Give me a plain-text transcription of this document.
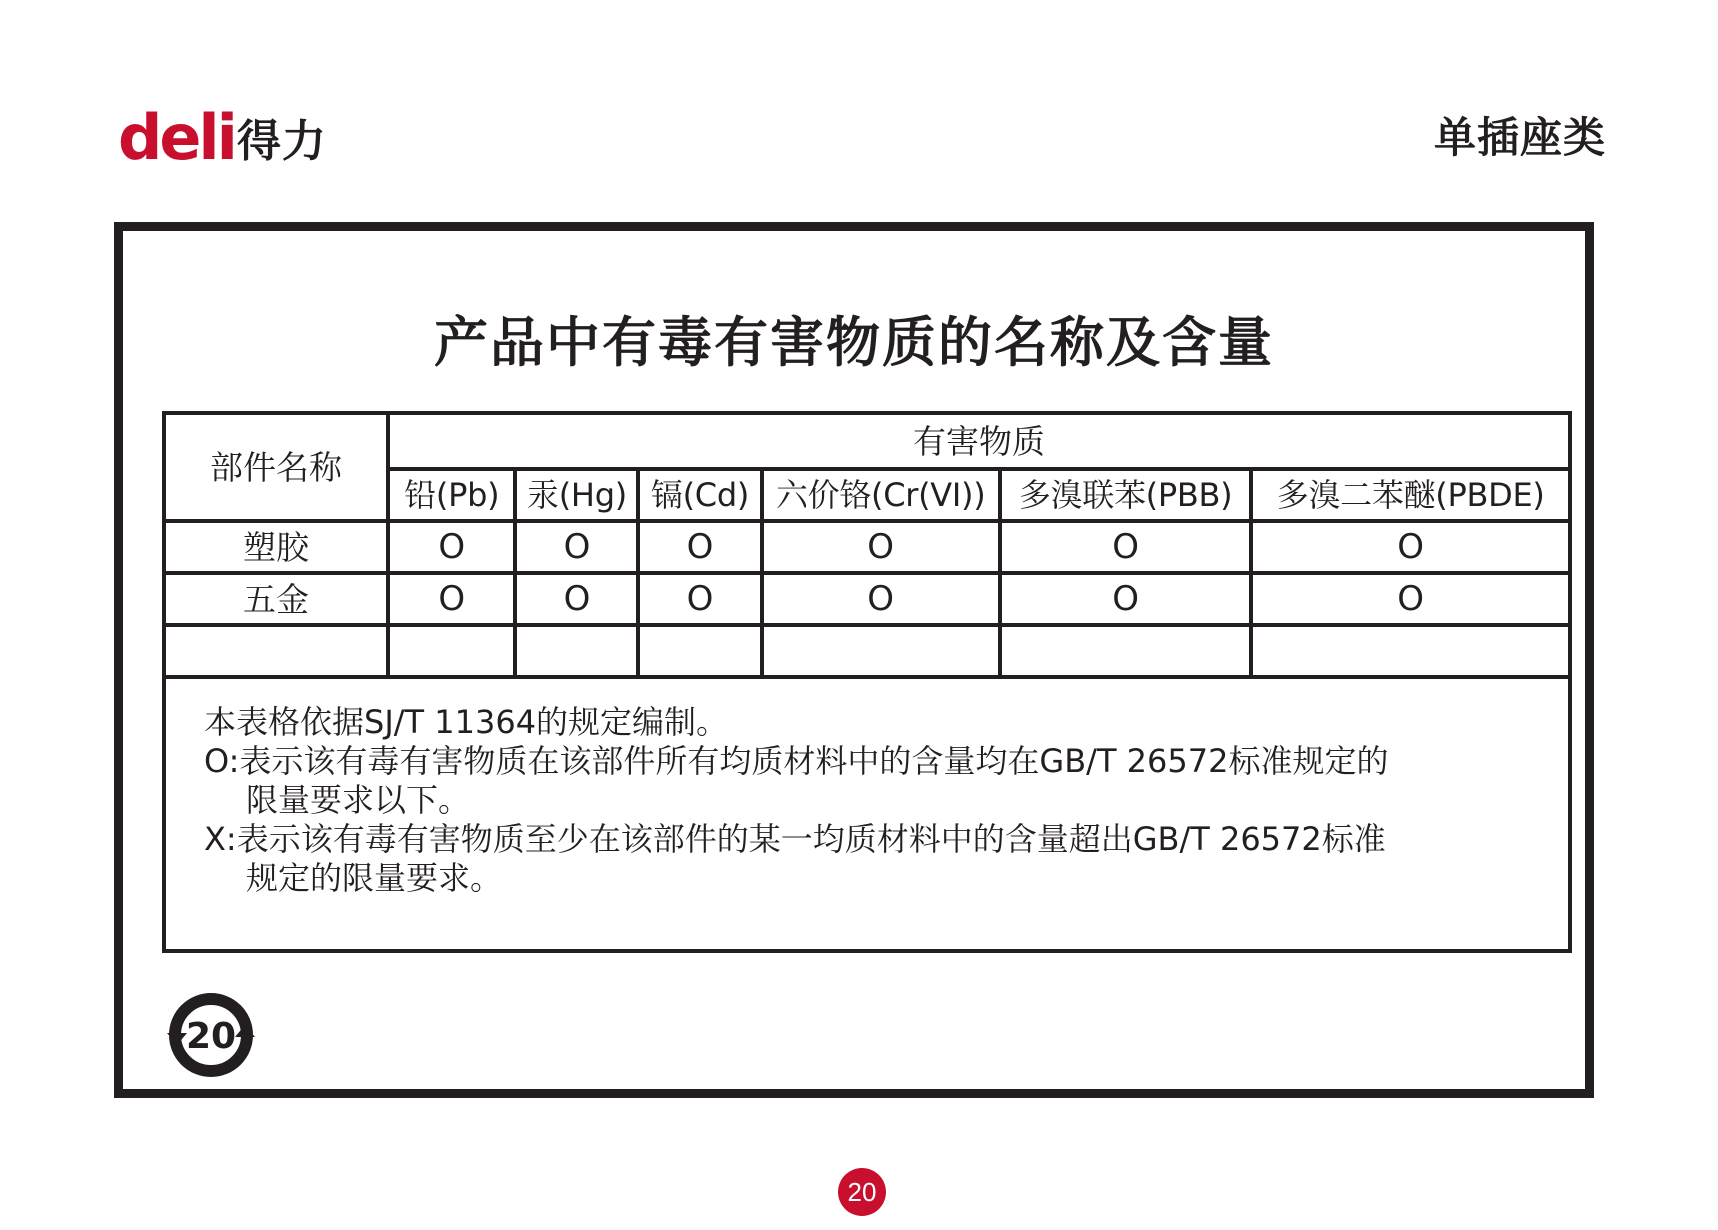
deli 得力	单插座类
产品中有毒有害物质的名称及含量
部件名称	有害物质					
	铅(Pb)	汞(Hg)	镉(Cd)	六价铬(Cr(VI))	多溴联苯(PBB)	多溴二苯醚(PBDE)
塑胶	O	O	O	O	O	O
五金	O	O	O	O	O	O

本表格依据SJ/T 11364的规定编制。
O:表示该有毒有害物质在该部件所有均质材料中的含量均在GB/T 26572标准规定的
限量要求以下。
X:表示该有毒有害物质至少在该部件的某一均质材料中的含量超出GB/T 26572标准
规定的限量要求。						
20
20
